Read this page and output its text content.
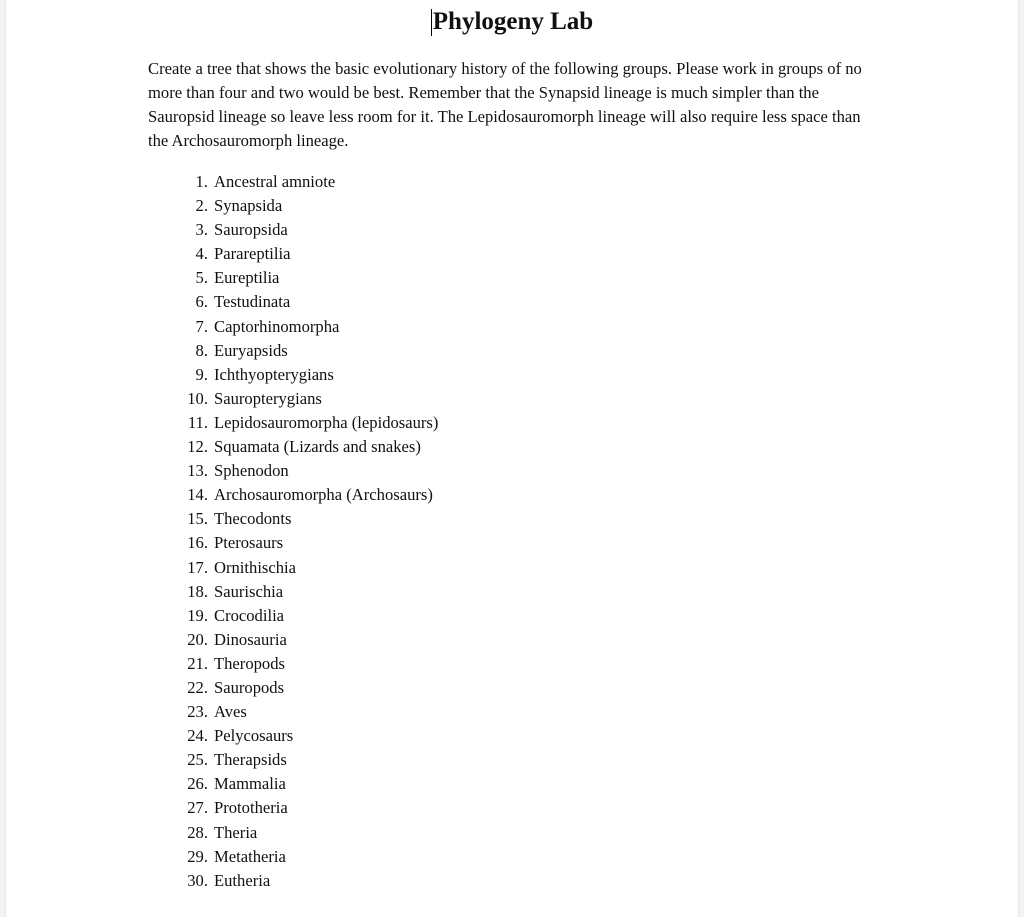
Phylogeny Lab

Create a tree that shows the basic evolutionary history of the following groups. Please work in groups of no more than four and two would be best. Remember that the Synapsid lineage is much simpler than the Sauropsid lineage so leave less room for it. The Lepidosauromorph lineage will also require less space than the Archosauromorph lineage.

1. Ancestral amniote
2. Synapsida
3. Sauropsida
4. Parareptilia
5. Eureptilia
6. Testudinata
7. Captorhinomorpha
8. Euryapsids
9. Ichthyopterygians
10. Sauropterygians
11. Lepidosauromorpha (lepidosaurs)
12. Squamata (Lizards and snakes)
13. Sphenodon
14. Archosauromorpha (Archosaurs)
15. Thecodonts
16. Pterosaurs
17. Ornithischia
18. Saurischia
19. Crocodilia
20. Dinosauria
21. Theropods
22. Sauropods
23. Aves
24. Pelycosaurs
25. Therapsids
26. Mammalia
27. Prototheria
28. Theria
29. Metatheria
30. Eutheria
